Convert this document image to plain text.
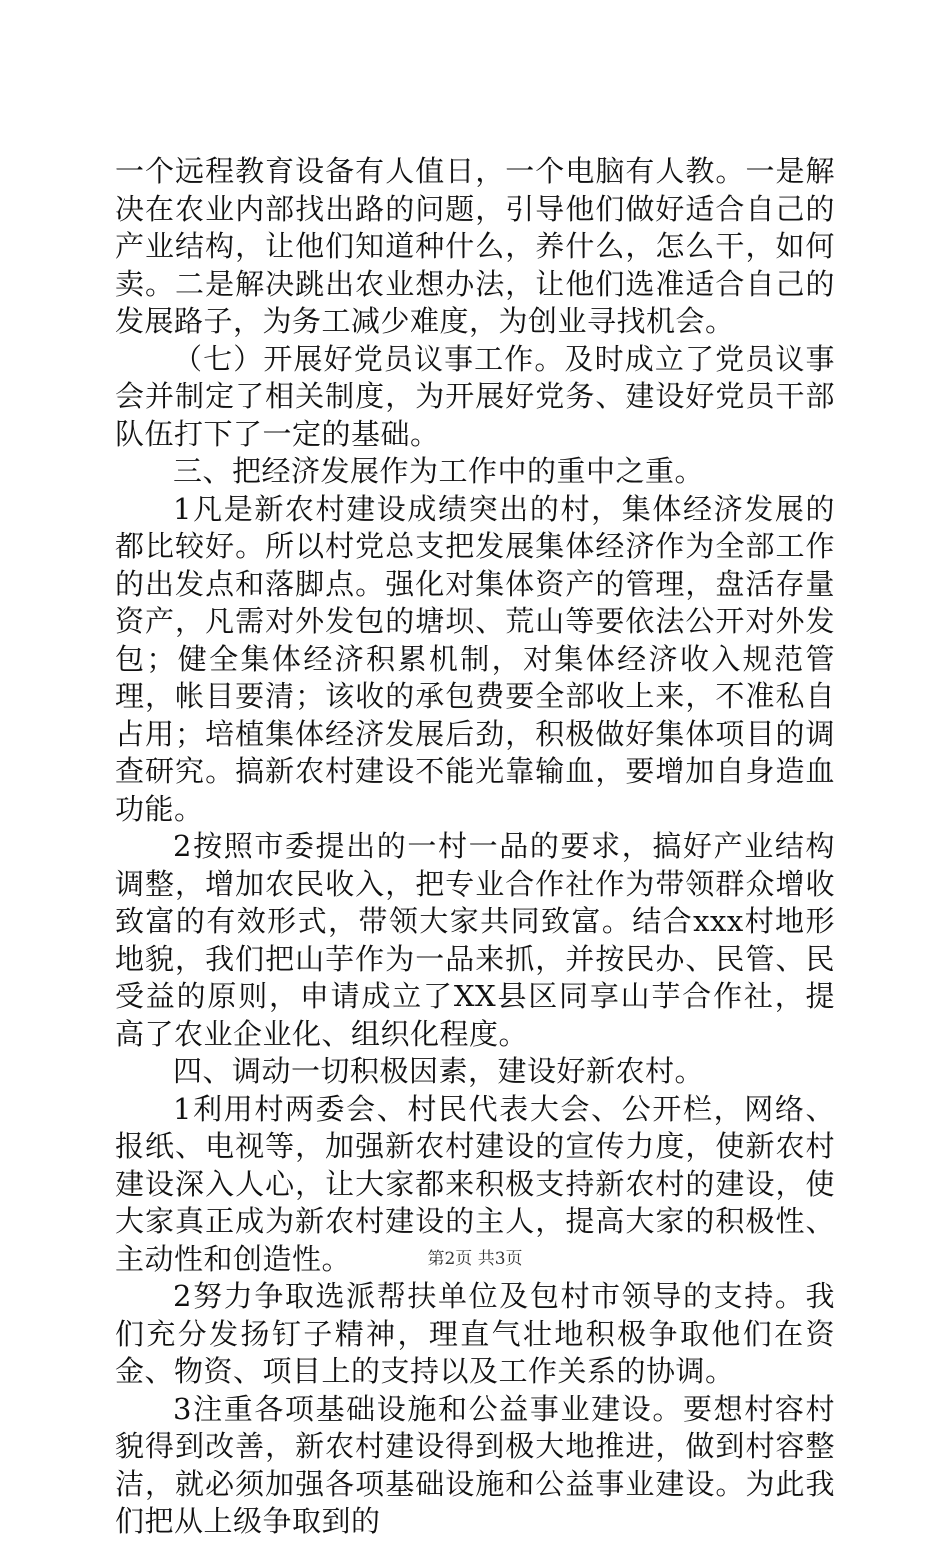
一个远程教育设备有人值日，一个电脑有人教。一是解决在农业内部找出路的问题，引导他们做好适合自己的产业结构，让他们知道种什么，养什么，怎么干，如何卖。二是解决跳出农业想办法，让他们选准适合自己的发展路子，为务工减少难度，为创业寻找机会。

（七）开展好党员议事工作。及时成立了党员议事会并制定了相关制度，为开展好党务、建设好党员干部队伍打下了一定的基础。

三、把经济发展作为工作中的重中之重。

1凡是新农村建设成绩突出的村，集体经济发展的都比较好。所以村党总支把发展集体经济作为全部工作的出发点和落脚点。强化对集体资产的管理，盘活存量资产，凡需对外发包的塘坝、荒山等要依法公开对外发包；健全集体经济积累机制，对集体经济收入规范管理，帐目要清；该收的承包费要全部收上来，不准私自占用；培植集体经济发展后劲，积极做好集体项目的调查研究。搞新农村建设不能光靠输血，要增加自身造血功能。

2按照市委提出的一村一品的要求，搞好产业结构调整，增加农民收入，把专业合作社作为带领群众增收致富的有效形式，带领大家共同致富。结合xxx村地形地貌，我们把山芋作为一品来抓，并按民办、民管、民受益的原则，申请成立了XX县区同享山芋合作社，提高了农业企业化、组织化程度。

四、调动一切积极因素，建设好新农村。

1利用村两委会、村民代表大会、公开栏，网络、报纸、电视等，加强新农村建设的宣传力度，使新农村建设深入人心，让大家都来积极支持新农村的建设，使大家真正成为新农村建设的主人，提高大家的积极性、主动性和创造性。

2努力争取选派帮扶单位及包村市领导的支持。我们充分发扬钉子精神，理直气壮地积极争取他们在资金、物资、项目上的支持以及工作关系的协调。

3注重各项基础设施和公益事业建设。要想村容村貌得到改善，新农村建设得到极大地推进，做到村容整洁，就必须加强各项基础设施和公益事业建设。为此我们把从上级争取到的

第2页 共3页
